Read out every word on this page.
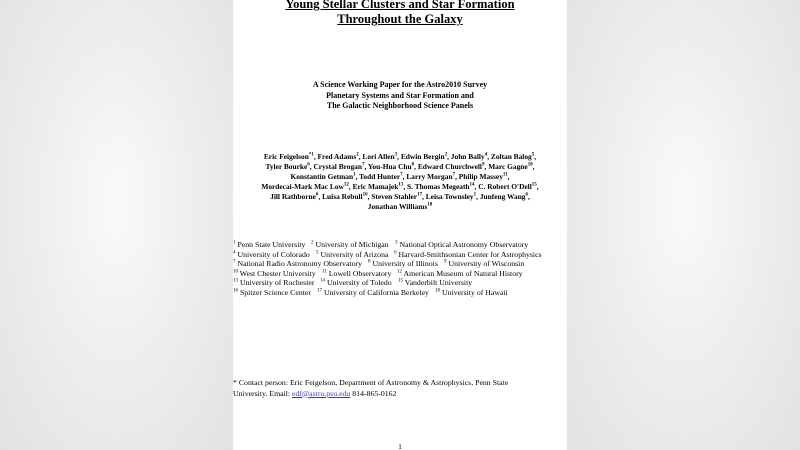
Young Stellar Clusters and Star Formation
Throughout the Galaxy
A Science Working Paper for the Astro2010 Survey
Planetary Systems and Star Formation and
The Galactic Neighborhood Science Panels
Eric Feigelson$^{*1}$, Fred Adams$^2$, Lori Allen$^3$, Edwin Bergin$^2$, John Bally$^4$, Zoltan Balog$^5$,
Tyler Bourke$^6$, Crystal Brogan$^7$, You-Hua Chu$^8$, Edward Churchwell$^9$, Marc Gagne$^{10}$,
Konstantin Getman$^1$, Todd Hunter$^7$, Larry Morgan$^7$, Philip Massey$^{11}$,
Mordecai-Mark Mac Low$^{12}$, Eric Mamajek$^{13}$, S. Thomas Megeath$^{14}$, C. Robert O'Dell$^{15}$,
Jill Rathborne$^6$, Luisa Rebull$^{16}$, Steven Stahler$^{17}$, Leisa Townsley$^1$, Junfeng Wang$^6$,
Jonathan Williams$^{18}$
$^1$ Penn State University $^2$ University of Michigan $^3$ National Optical Astronomy Observatory
$^4$ University of Colorado $^5$ University of Arizona $^6$ Harvard-Smithsonian Center for Astrophysics
$^7$ National Radio Astronomy Observatory $^8$ University of Illinois $^9$ University of Wisconsin
$^{10}$ West Chester University $^{11}$ Lowell Observatory $^{12}$ American Museum of Natural History
$^{13}$ University of Rochester $^{14}$ University of Toledo $^{15}$ Vanderbilt University
$^{16}$ Spitzer Science Center $^{17}$ University of California Berkeley $^{18}$ University of Hawaii
* Contact person: Eric Feigelson, Department of Astronomy & Astrophysics, Penn State
University. Email: edf@astro.psu.edu 814-865-0162
1
